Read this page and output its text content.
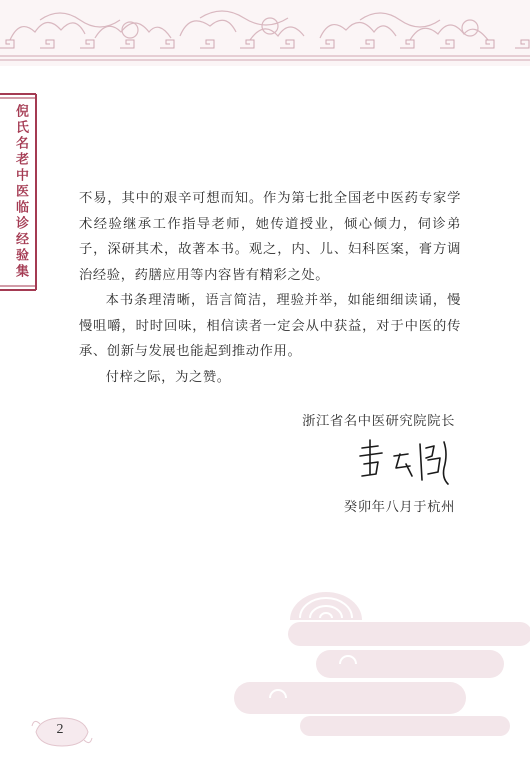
倪氏名老中医临诊经验集	不易，其中的艰辛可想而知。作为第七批全国老中医药专家学术经验继承工作指导老师，她传道授业，倾心倾力，伺诊弟子，深研其术，故著本书。观之，内、儿、妇科医案，膏方调治经验，药膳应用等内容皆有精彩之处。

本书条理清晰，语言简洁，理验并举，如能细细读诵，慢慢咀嚼，时时回味，相信读者一定会从中获益，对于中医的传承、创新与发展也能起到推动作用。

付梓之际，为之赞。

浙江省名中医研究院院长
癸卯年八月于杭州
2
